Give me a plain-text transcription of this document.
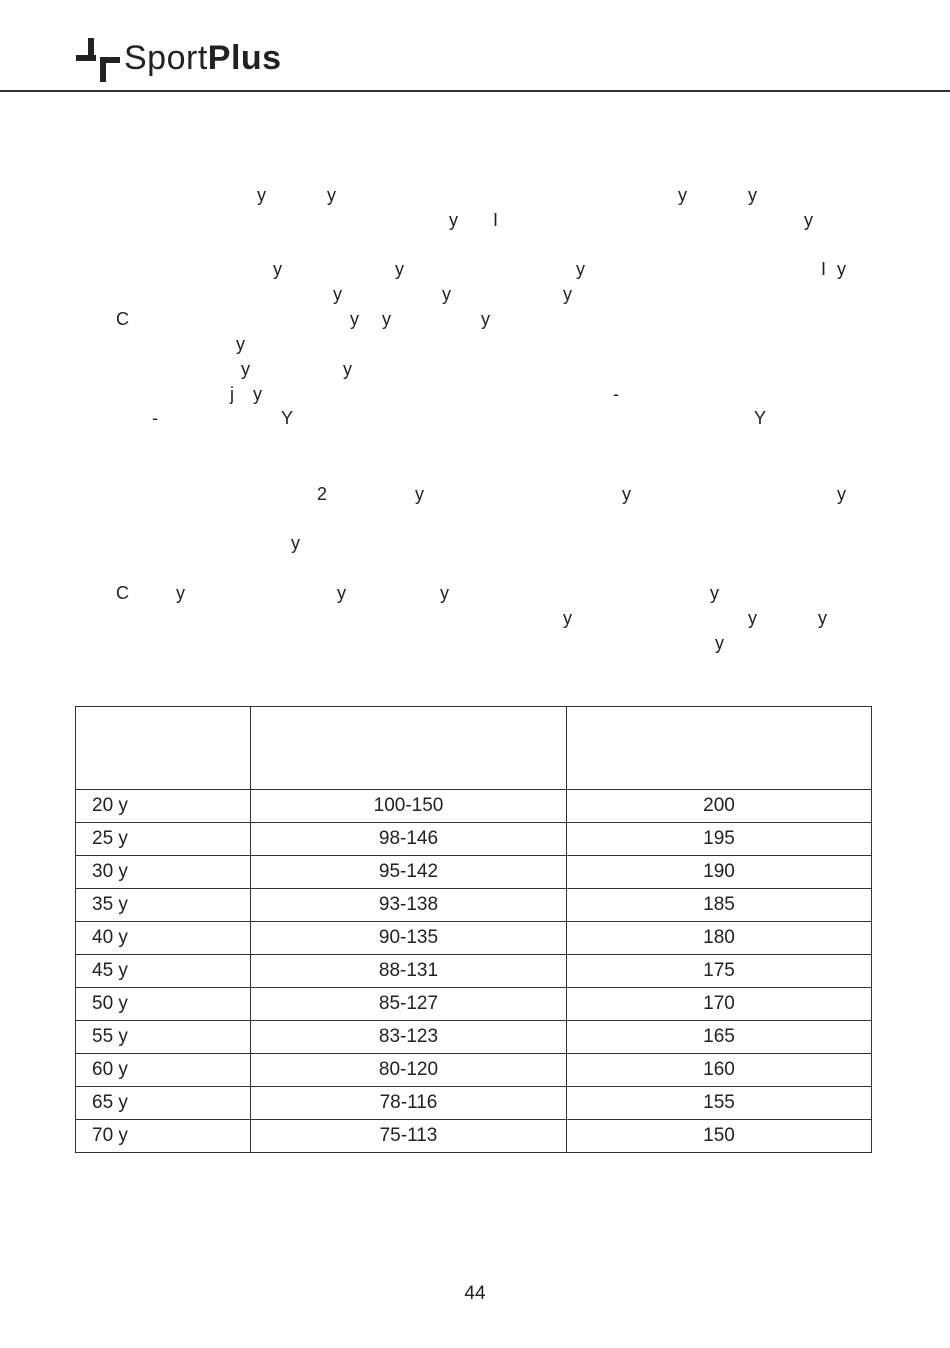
SportPlus
y	y	y	y
y I	y
y	y	y	I y
y	y	y
C	y y	y
y
y	y
j y	-
-	Y	Y
2	y	y	y
y
C	y	y	y	y
y	y	y
y

20 y	100-150	200
25 y	98-146	195
30 y	95-142	190
35 y	93-138	185
40 y	90-135	180
45 y	88-131	175
50 y	85-127	170
55 y	83-123	165
60 y	80-120	160
65 y	78-116	155
70 y	75-113	150
44
